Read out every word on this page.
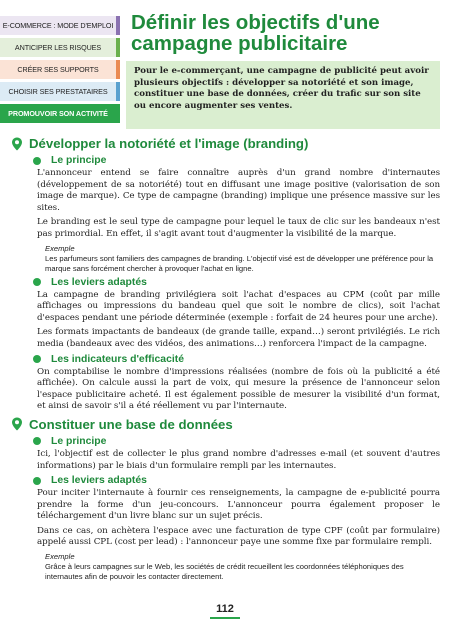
E-COMMERCE : MODE D'EMPLOI
ANTICIPER LES RISQUES
CRÉER SES SUPPORTS
CHOISIR SES PRESTATAIRES
PROMOUVOIR SON ACTIVITÉ
Définir les objectifs d'une campagne publicitaire
Pour le e-commerçant, une campagne de publicité peut avoir plusieurs objectifs : développer sa notoriété et son image, constituer une base de données, créer du trafic sur son site ou encore augmenter ses ventes.
Développer la notoriété et l'image (branding)
Le principe

L'annonceur entend se faire connaître auprès d'un grand nombre d'internautes (développement de sa notoriété) tout en diffusant une image positive (valorisation de son image de marque). Ce type de campagne (branding) implique une présence massive sur les sites.

Le branding est le seul type de campagne pour lequel le taux de clic sur les bandeaux n'est pas primordial. En effet, il s'agit avant tout d'augmenter la visibilité de la marque.

Exemple
Les parfumeurs sont familiers des campagnes de branding. L'objectif visé est de développer une préférence pour la marque sans forcément chercher à provoquer l'achat en ligne.
Les leviers adaptés

La campagne de branding privilégiera soit l'achat d'espaces au CPM (coût par mille affichages ou impressions du bandeau quel que soit le nombre de clics), soit l'achat d'espaces pendant une période déterminée (exemple : forfait de 24 heures pour une arche).

Les formats impactants de bandeaux (de grande taille, expand…) seront privilégiés. Le rich media (bandeaux avec des vidéos, des animations…) renforcera l'impact de la campagne.

Les indicateurs d'efficacité

On comptabilise le nombre d'impressions réalisées (nombre de fois où la publicité a été affichée). On calcule aussi la part de voix, qui mesure la présence de l'annonceur selon l'espace publicitaire acheté. Il est également possible de mesurer la visibilité d'un format, et ainsi de savoir s'il a été réellement vu par l'internaute.

Constituer une base de données
Le principe

Ici, l'objectif est de collecter le plus grand nombre d'adresses e-mail (et souvent d'autres informations) par le biais d'un formulaire rempli par les internautes.

Les leviers adaptés

Pour inciter l'internaute à fournir ces renseignements, la campagne de e-publicité pourra prendre la forme d'un jeu-concours. L'annonceur pourra également proposer le téléchargement d'un livre blanc sur un sujet précis.

Dans ce cas, on achètera l'espace avec une facturation de type CPF (coût par formulaire) appelé aussi CPL (cost per lead) : l'annonceur paye une somme fixe par formulaire rempli.

Exemple
Grâce à leurs campagnes sur le Web, les sociétés de crédit recueillent les coordonnées téléphoniques des internautes afin de pouvoir les contacter directement.
112
